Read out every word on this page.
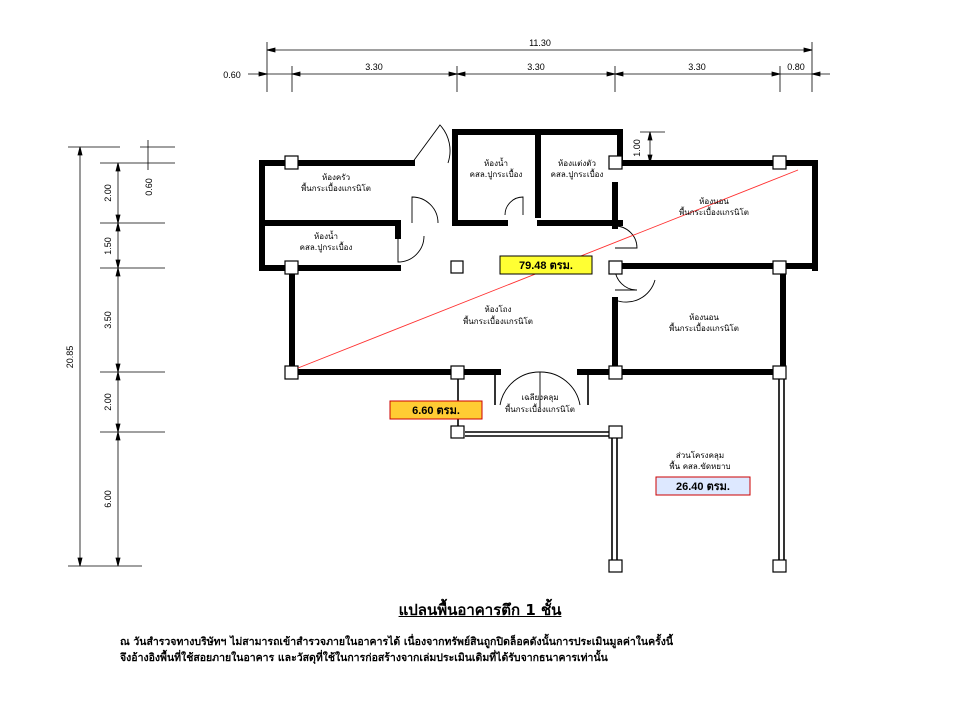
11.30
0.60
3.30	3.30	3.30	0.80
20.85
0.60
2.00
1.50
3.50
2.00
6.00
1.00
ห้องครัว
พื้นกระเบื้องแกรนิโต
ห้องน้ำ
คสล.ปูกระเบื้อง
ห้องน้ำ
คสล.ปูกระเบื้อง
ห้องแต่งตัว
คสล.ปูกระเบื้อง
ห้องนอน
พื้นกระเบื้องแกรนิโต
ห้องโถง
พื้นกระเบื้องแกรนิโต	ห้องนอน
พื้นกระเบื้องแกรนิโต
เฉลียงคลุม
พื้นกระเบื้องแกรนิโต
ส่วนโครงคลุม
พื้น คสล.ขัดหยาบ
79.48 ตรม.
6.60 ตรม.
26.40 ตรม.
แปลนพื้นอาคารตึก 1 ชั้น
ณ วันสำรวจทางบริษัทฯ ไม่สามารถเข้าสำรวจภายในอาคารได้ เนื่องจากทรัพย์สินถูกปิดล็อคดังนั้นการประเมินมูลค่าในครั้งนี้
จึงอ้างอิงพื้นที่ใช้สอยภายในอาคาร และวัสดุที่ใช้ในการก่อสร้างจากเล่มประเมินเดิมที่ได้รับจากธนาคารเท่านั้น
